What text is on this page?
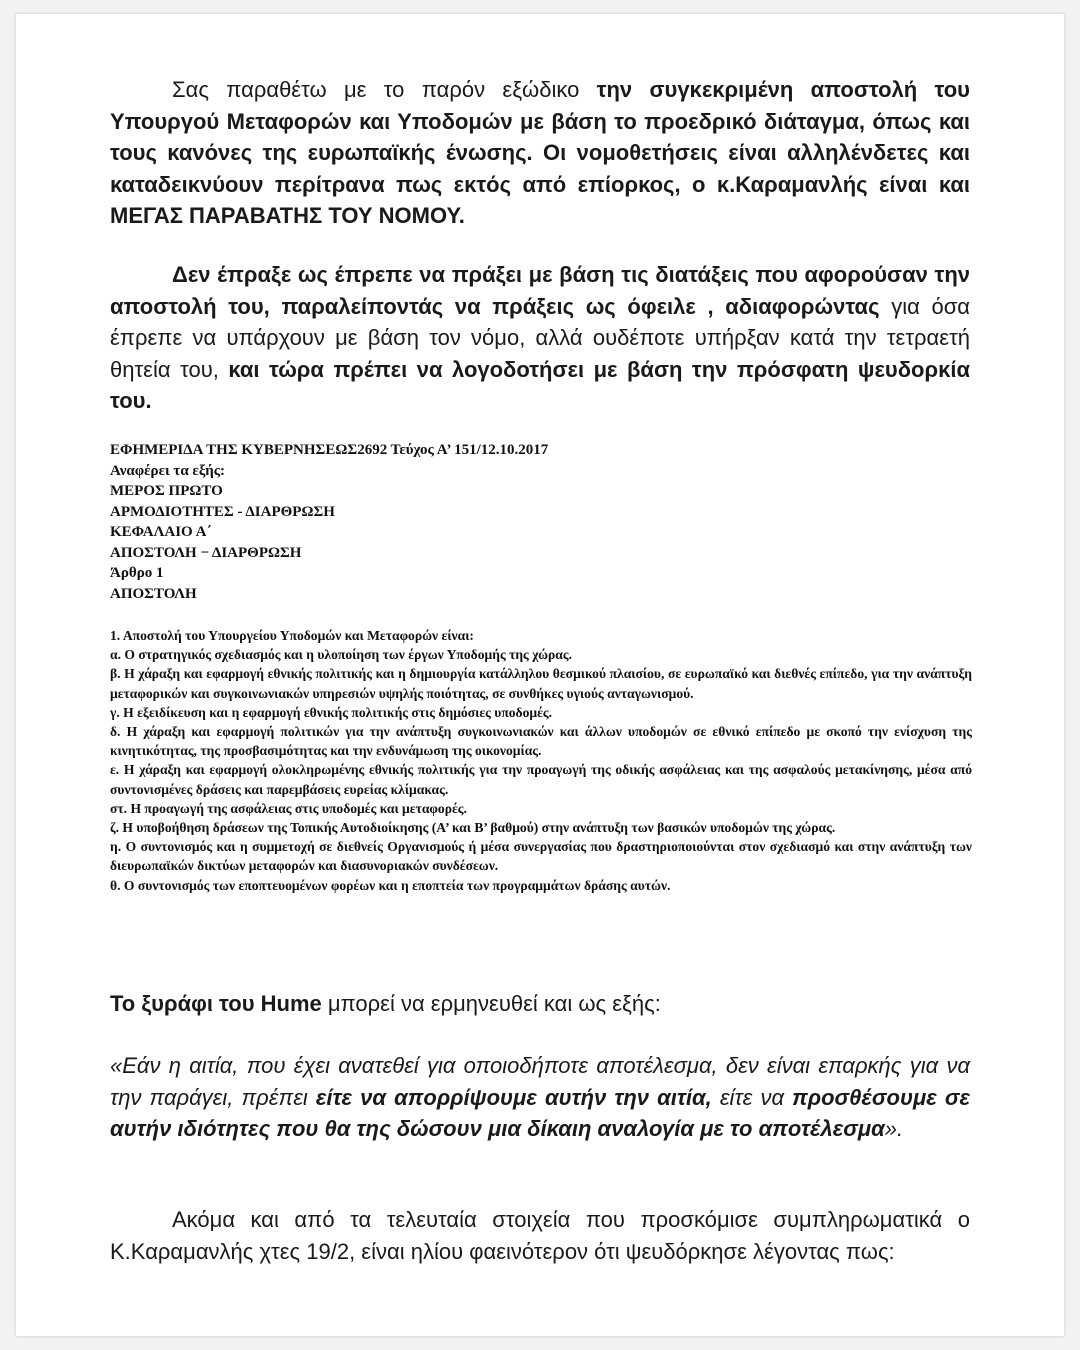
Σας παραθέτω με το παρόν εξώδικο την συγκεκριμένη αποστολή του Υπουργού Μεταφορών και Υποδομών με βάση το προεδρικό διάταγμα, όπως και τους κανόνες της ευρωπαϊκής ένωσης. Οι νομοθετήσεις είναι αλληλένδετες και καταδεικνύουν περίτρανα πως εκτός από επίορκος, ο κ.Καραμανλής είναι και ΜΕΓΑΣ ΠΑΡΑΒΑΤΗΣ ΤΟΥ ΝΟΜΟΥ.

Δεν έπραξε ως έπρεπε να πράξει με βάση τις διατάξεις που αφορούσαν την αποστολή του, παραλείποντάς να πράξεις ως όφειλε , αδιαφορώντας για όσα έπρεπε να υπάρχουν με βάση τον νόμο, αλλά ουδέποτε υπήρξαν κατά την τετραετή θητεία του, και τώρα πρέπει να λογοδοτήσει με βάση την πρόσφατη ψευδορκία του.

ΕΦΗΜΕΡΙΔΑ ΤΗΣ ΚΥΒΕΡΝΗΣΕΩΣ2692 Τεύχος Α’ 151/12.10.2017
Αναφέρει τα εξής:
ΜΕΡΟΣ ΠΡΩΤΟ
ΑΡΜΟΔΙΟΤΗΤΕΣ - ΔΙΑΡΘΡΩΣΗ
ΚΕΦΑΛΑΙΟ Α΄
ΑΠΟΣΤΟΛΗ − ΔΙΑΡΘΡΩΣΗ
Άρθρο 1
ΑΠΟΣΤΟΛΗ
1. Αποστολή του Υπουργείου Υποδομών και Μεταφορών είναι:
α. Ο στρατηγικός σχεδιασμός και η υλοποίηση των έργων Υποδομής της χώρας.
β. Η χάραξη και εφαρμογή εθνικής πολιτικής και η δημιουργία κατάλληλου θεσμικού πλαισίου, σε ευρωπαϊκό και διεθνές επίπεδο, για την ανάπτυξη μεταφορικών και συγκοινωνιακών υπηρεσιών υψηλής ποιότητας, σε συνθήκες υγιούς ανταγωνισμού.
γ. Η εξειδίκευση και η εφαρμογή εθνικής πολιτικής στις δημόσιες υποδομές.
δ. Η χάραξη και εφαρμογή πολιτικών για την ανάπτυξη συγκοινωνιακών και άλλων υποδομών σε εθνικό επίπεδο με σκοπό την ενίσχυση της κινητικότητας, της προσβασιμότητας και την ενδυνάμωση της οικονομίας.
ε. Η χάραξη και εφαρμογή ολοκληρωμένης εθνικής πολιτικής για την προαγωγή της οδικής ασφάλειας και της ασφαλούς μετακίνησης, μέσα από συντονισμένες δράσεις και παρεμβάσεις ευρείας κλίμακας.
στ. Η προαγωγή της ασφάλειας στις υποδομές και μεταφορές.
ζ. Η υποβοήθηση δράσεων της Τοπικής Αυτοδιοίκησης (Α’ και Β’ βαθμού) στην ανάπτυξη των βασικών υποδομών της χώρας.
η. Ο συντονισμός και η συμμετοχή σε διεθνείς Οργανισμούς ή μέσα συνεργασίας που δραστηριοποιούνται στον σχεδιασμό και στην ανάπτυξη των διευρωπαϊκών δικτύων μεταφορών και διασυνοριακών συνδέσεων.
θ. Ο συντονισμός των εποπτευομένων φορέων και η εποπτεία των προγραμμάτων δράσης αυτών.

Το ξυράφι του Hume μπορεί να ερμηνευθεί και ως εξής:

«Εάν η αιτία, που έχει ανατεθεί για οποιοδήποτε αποτέλεσμα, δεν είναι επαρκής για να την παράγει, πρέπει είτε να απορρίψουμε αυτήν την αιτία, είτε να προσθέσουμε σε αυτήν ιδιότητες που θα της δώσουν μια δίκαιη αναλογία με το αποτέλεσμα».

Ακόμα και από τα τελευταία στοιχεία που προσκόμισε συμπληρωματικά ο Κ.Καραμανλής χτες 19/2, είναι ηλίου φαεινότερον ότι ψευδόρκησε λέγοντας πως:
